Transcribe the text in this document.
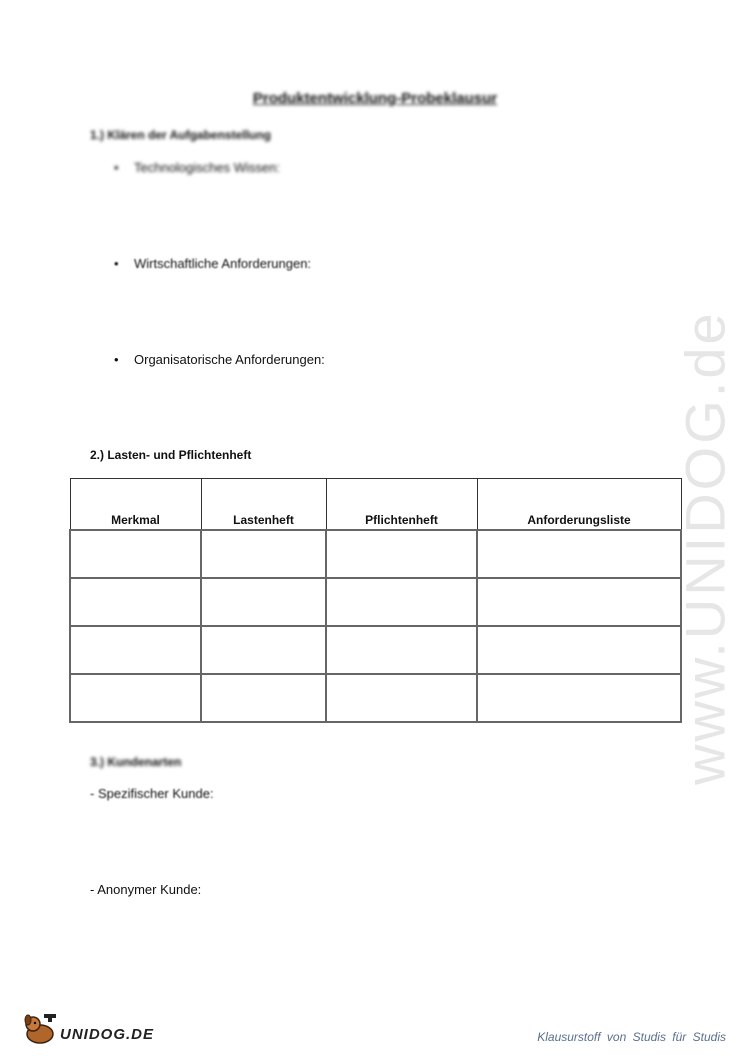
www.UNIDOG.de
Produktentwicklung-Probeklausur
1.) Klären der Aufgabenstellung
• Technologisches Wissen:
• Wirtschaftliche Anforderungen:
• Organisatorische Anforderungen:
2.) Lasten- und Pflichtenheft
Merkmal	Lastenheft	Pflichtenheft	Anforderungsliste

3.) Kundenarten
- Spezifischer Kunde:
- Anonymer Kunde:
UNIDOG.DE	Klausurstoff von Studis für Studis
